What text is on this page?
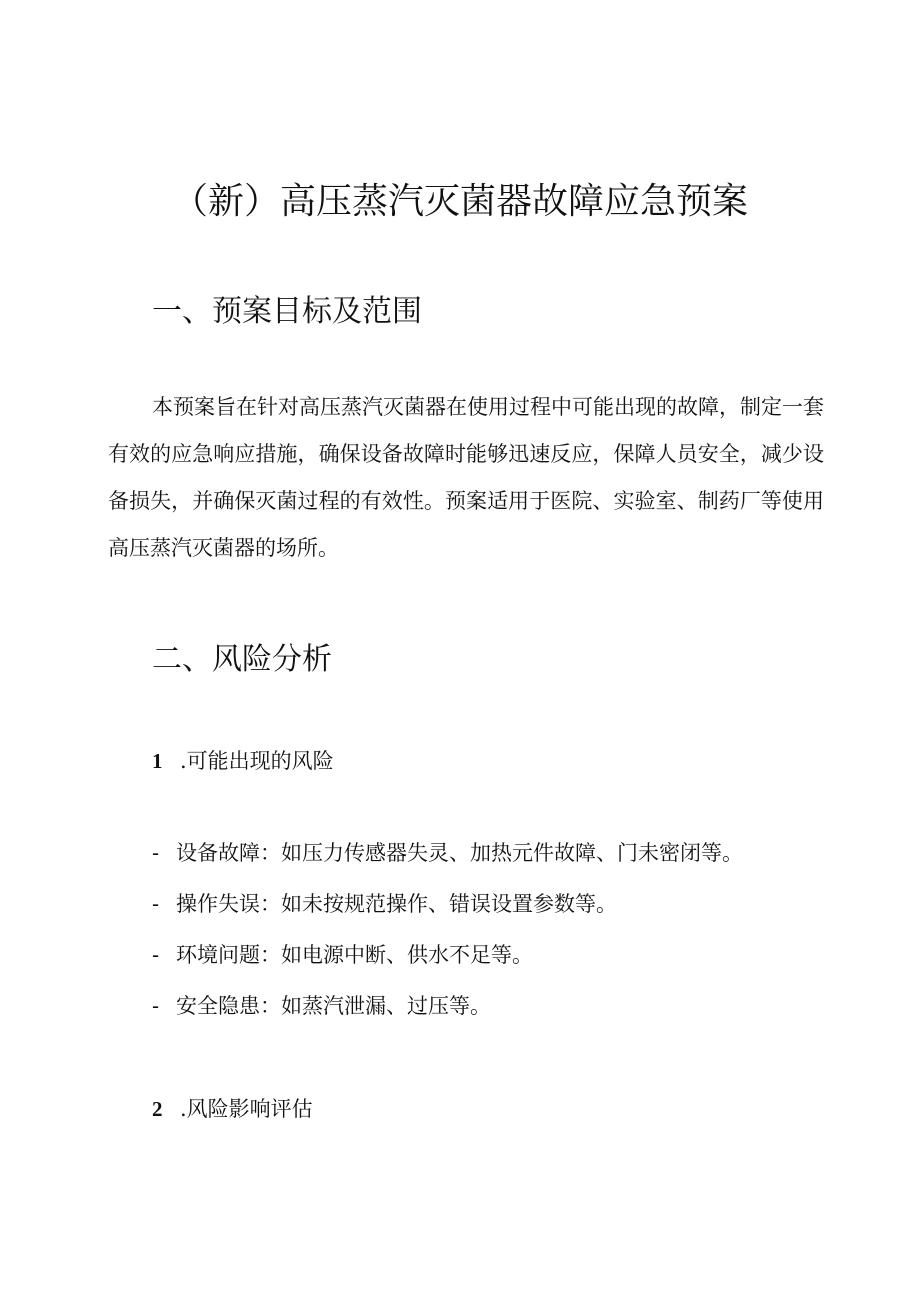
（新）高压蒸汽灭菌器故障应急预案
一、预案目标及范围
本预案旨在针对高压蒸汽灭菌器在使用过程中可能出现的故障，制定一套有效的应急响应措施，确保设备故障时能够迅速反应，保障人员安全，减少设备损失，并确保灭菌过程的有效性。预案适用于医院、实验室、制药厂等使用高压蒸汽灭菌器的场所。
二、风险分析
1 .可能出现的风险
- 设备故障：如压力传感器失灵、加热元件故障、门未密闭等。
- 操作失误：如未按规范操作、错误设置参数等。
- 环境问题：如电源中断、供水不足等。
- 安全隐患：如蒸汽泄漏、过压等。
2 .风险影响评估
